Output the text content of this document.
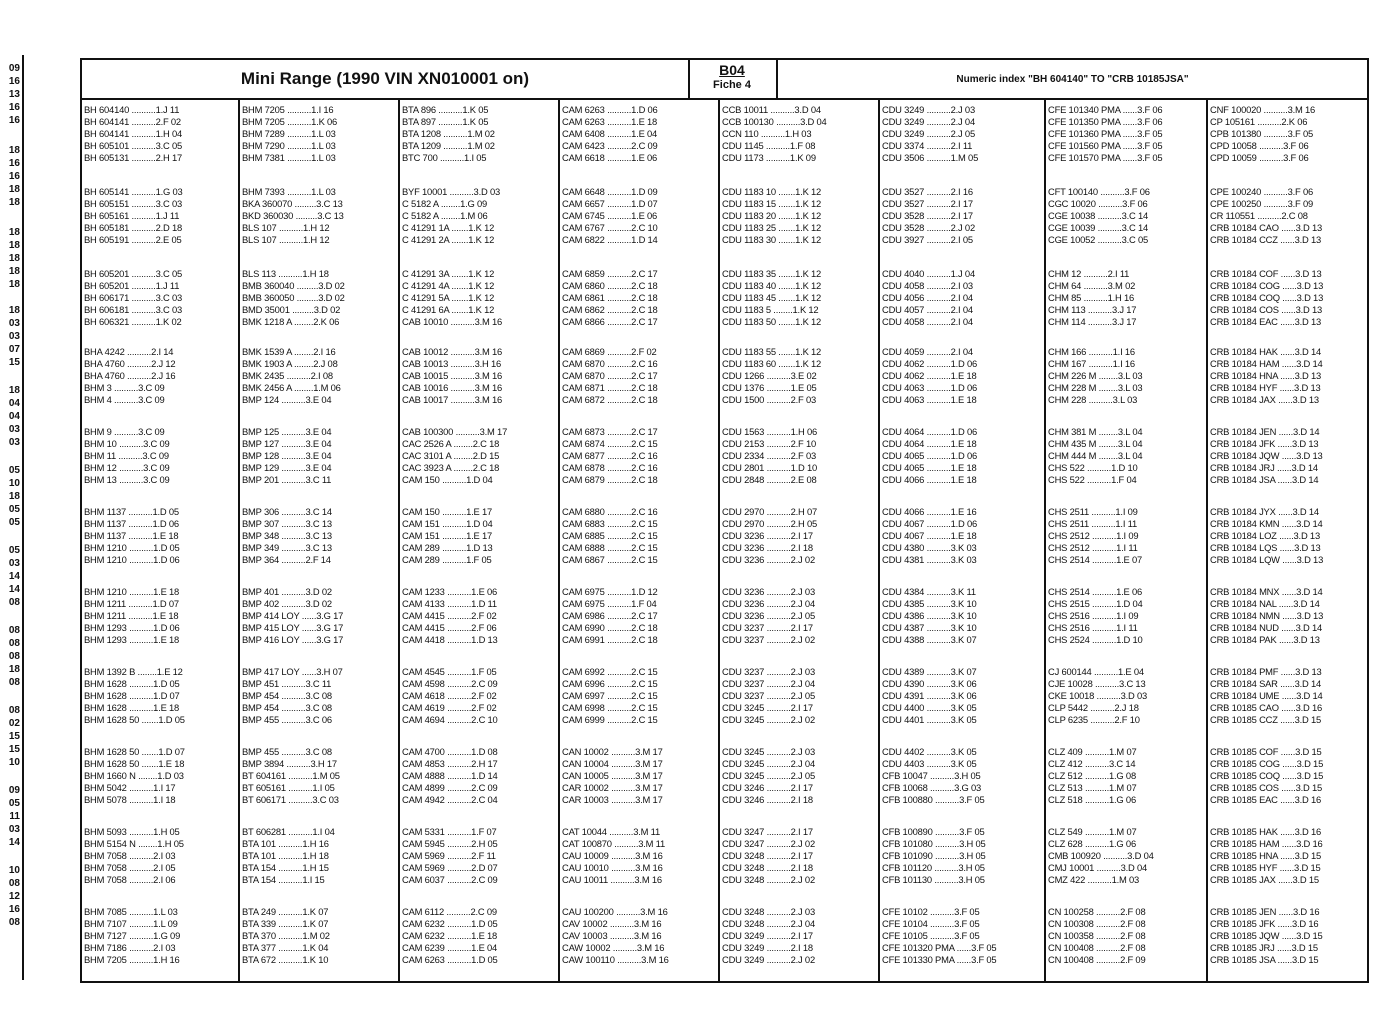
09
16
13
16
16
18
16
16
18
18
18
18
18
18
18
18
03
03
07
15
18
04
04
03
03
05
10
18
05
05
05
03
14
14
08
08
08
08
18
08
08
02
15
15
10
09
05
11
03
14
10
08
12
16
08
Mini Range (1990 VIN XN010001 on)	B04
Fiche 4	Numeric index "BH 604140" TO "CRB 10185JSA"
BH 604140 ..........1.J 11
BH 604141 ..........2.F 02
BH 604141 ..........1.H 04
BH 605101 ..........3.C 05
BH 605131 ..........2.H 17
BH 605141 ..........1.G 03
BH 605151 ..........3.C 03
BH 605161 ..........1.J 11
BH 605181 ..........2.D 18
BH 605191 ..........2.E 05
BH 605201 ..........3.C 05
BH 605201 ..........1.J 11
BH 606171 ..........3.C 03
BH 606181 ..........3.C 03
BH 606321 ..........1.K 02
BHA 4242 ..........2.I 14
BHA 4760 ..........2.J 12
BHA 4760 ..........2.J 16
BHM 3 ..........3.C 09
BHM 4 ..........3.C 09
BHM 9 ..........3.C 09
BHM 10 ..........3.C 09
BHM 11 ..........3.C 09
BHM 12 ..........3.C 09
BHM 13 ..........3.C 09
BHM 1137 ..........1.D 05
BHM 1137 ..........1.D 06
BHM 1137 ..........1.E 18
BHM 1210 ..........1.D 05
BHM 1210 ..........1.D 06
BHM 1210 ..........1.E 18
BHM 1211 ..........1.D 07
BHM 1211 ..........1.E 18
BHM 1293 ..........1.D 06
BHM 1293 ..........1.E 18
BHM 1392 B ........1.E 12
BHM 1628 ..........1.D 05
BHM 1628 ..........1.D 07
BHM 1628 ..........1.E 18
BHM 1628 50 .......1.D 05
BHM 1628 50 .......1.D 07
BHM 1628 50 .......1.E 18
BHM 1660 N ........1.D 03
BHM 5042 ..........1.I 17
BHM 5078 ..........1.I 18
BHM 5093 ..........1.H 05
BHM 5154 N ........1.H 05
BHM 7058 ..........2.I 03
BHM 7058 ..........2.I 05
BHM 7058 ..........2.I 06
BHM 7085 ..........1.L 03
BHM 7107 ..........1.L 09
BHM 7127 ..........1.G 09
BHM 7186 ..........2.I 03
BHM 7205 ..........1.H 16
BHM 7205 ..........1.I 16
BHM 7205 ..........1.K 06
BHM 7289 ..........1.L 03
BHM 7290 ..........1.L 03
BHM 7381 ..........1.L 03
BHM 7393 ..........1.L 03
BKA 360070 .........3.C 13
BKD 360030 .........3.C 13
BLS 107 ..........1.H 12
BLS 107 ..........1.H 12
BLS 113 ..........1.H 18
BMB 360040 .........3.D 02
BMB 360050 .........3.D 02
BMD 35001 .........3.D 02
BMK 1218 A ........2.K 06
BMK 1539 A ........2.I 16
BMK 1903 A ........2.J 08
BMK 2435 ..........2.I 08
BMK 2456 A ........1.M 06
BMP 124 ..........3.E 04
BMP 125 ..........3.E 04
BMP 127 ..........3.E 04
BMP 128 ..........3.E 04
BMP 129 ..........3.E 04
BMP 201 ..........3.C 11
BMP 306 ..........3.C 14
BMP 307 ..........3.C 13
BMP 348 ..........3.C 13
BMP 349 ..........3.C 13
BMP 364 ..........2.F 14
BMP 401 ..........3.D 02
BMP 402 ..........3.D 02
BMP 414 LOY ......3.G 17
BMP 415 LOY ......3.G 17
BMP 416 LOY ......3.G 17
BMP 417 LOY ......3.H 07
BMP 451 ..........3.C 11
BMP 454 ..........3.C 08
BMP 454 ..........3.C 08
BMP 455 ..........3.C 06
BMP 455 ..........3.C 08
BMP 3894 ..........3.H 17
BT 604161 ..........1.M 05
BT 605161 ..........1.I 05
BT 606171 ..........3.C 03
BT 606281 ..........1.I 04
BTA 101 ..........1.H 16
BTA 101 ..........1.H 18
BTA 154 ..........1.H 15
BTA 154 ..........1.I 15
BTA 249 ..........1.K 07
BTA 339 ..........1.K 07
BTA 370 ..........1.M 02
BTA 377 ..........1.K 04
BTA 672 ..........1.K 10
BTA 896 ..........1.K 05
BTA 897 ..........1.K 05
BTA 1208 ..........1.M 02
BTA 1209 ..........1.M 02
BTC 700 ..........1.I 05
BYF 10001 ..........3.D 03
C 5182 A ........1.G 09
C 5182 A ........1.M 06
C 41291 1A .......1.K 12
C 41291 2A .......1.K 12
C 41291 3A .......1.K 12
C 41291 4A .......1.K 12
C 41291 5A .......1.K 12
C 41291 6A .......1.K 12
CAB 10010 ..........3.M 16
CAB 10012 ..........3.M 16
CAB 10013 ..........3.H 16
CAB 10015 ..........3.M 16
CAB 10016 ..........3.M 16
CAB 10017 ..........3.M 16
CAB 100300 ..........3.M 17
CAC 2526 A ........2.C 18
CAC 3101 A ........2.D 15
CAC 3923 A ........2.C 18
CAM 150 ..........1.D 04
CAM 150 ..........1.E 17
CAM 151 ..........1.D 04
CAM 151 ..........1.E 17
CAM 289 ..........1.D 13
CAM 289 ..........1.F 05
CAM 1233 ..........1.E 06
CAM 4133 ..........1.D 11
CAM 4415 ..........2.F 02
CAM 4415 ..........2.F 06
CAM 4418 ..........1.D 13
CAM 4545 ..........1.F 05
CAM 4598 ..........2.C 09
CAM 4618 ..........2.F 02
CAM 4619 ..........2.F 02
CAM 4694 ..........2.C 10
CAM 4700 ..........1.D 08
CAM 4853 ..........2.H 17
CAM 4888 ..........1.D 14
CAM 4899 ..........2.C 09
CAM 4942 ..........2.C 04
CAM 5331 ..........1.F 07
CAM 5945 ..........2.H 05
CAM 5969 ..........2.F 11
CAM 5969 ..........2.D 07
CAM 6037 ..........2.C 09
CAM 6112 ..........2.C 09
CAM 6232 ..........1.D 05
CAM 6232 ..........1.E 18
CAM 6239 ..........1.E 04
CAM 6263 ..........1.D 05
CAM 6263 ..........1.D 06
CAM 6263 ..........1.E 18
CAM 6408 ..........1.E 04
CAM 6423 ..........2.C 09
CAM 6618 ..........1.E 06
CAM 6648 ..........1.D 09
CAM 6657 ..........1.D 07
CAM 6745 ..........1.E 06
CAM 6767 ..........2.C 10
CAM 6822 ..........1.D 14
CAM 6859 ..........2.C 17
CAM 6860 ..........2.C 18
CAM 6861 ..........2.C 18
CAM 6862 ..........2.C 18
CAM 6866 ..........2.C 17
CAM 6869 ..........2.F 02
CAM 6870 ..........2.C 16
CAM 6870 ..........2.C 17
CAM 6871 ..........2.C 18
CAM 6872 ..........2.C 18
CAM 6873 ..........2.C 17
CAM 6874 ..........2.C 15
CAM 6877 ..........2.C 16
CAM 6878 ..........2.C 16
CAM 6879 ..........2.C 18
CAM 6880 ..........2.C 16
CAM 6883 ..........2.C 15
CAM 6885 ..........2.C 15
CAM 6888 ..........2.C 15
CAM 6867 ..........2.C 15
CAM 6975 ..........1.D 12
CAM 6975 ..........1.F 04
CAM 6986 ..........2.C 17
CAM 6990 ..........2.C 18
CAM 6991 ..........2.C 18
CAM 6992 ..........2.C 15
CAM 6996 ..........2.C 15
CAM 6997 ..........2.C 15
CAM 6998 ..........2.C 15
CAM 6999 ..........2.C 15
CAN 10002 ..........3.M 17
CAN 10004 ..........3.M 17
CAN 10005 ..........3.M 17
CAR 10002 ..........3.M 17
CAR 10003 ..........3.M 17
CAT 10044 ..........3.M 11
CAT 100870 ..........3.M 11
CAU 10009 ..........3.M 16
CAU 10010 ..........3.M 16
CAU 10011 ..........3.M 16
CAU 100200 ..........3.M 16
CAV 10002 ..........3.M 16
CAV 10003 ..........3.M 16
CAW 10002 ..........3.M 16
CAW 100110 ..........3.M 16
CCB 10011 ..........3.D 04
CCB 100130 ..........3.D 04
CCN 110 ..........1.H 03
CDU 1145 ..........1.F 08
CDU 1173 ..........1.K 09
CDU 1183 10 .......1.K 12
CDU 1183 15 .......1.K 12
CDU 1183 20 .......1.K 12
CDU 1183 25 .......1.K 12
CDU 1183 30 .......1.K 12
CDU 1183 35 .......1.K 12
CDU 1183 40 .......1.K 12
CDU 1183 45 .......1.K 12
CDU 1183 5 ........1.K 12
CDU 1183 50 .......1.K 12
CDU 1183 55 .......1.K 12
CDU 1183 60 .......1.K 12
CDU 1266 ..........3.E 02
CDU 1376 ..........1.E 05
CDU 1500 ..........2.F 03
CDU 1563 ..........1.H 06
CDU 2153 ..........2.F 10
CDU 2334 ..........2.F 03
CDU 2801 ..........1.D 10
CDU 2848 ..........2.E 08
CDU 2970 ..........2.H 07
CDU 2970 ..........2.H 05
CDU 3236 ..........2.I 17
CDU 3236 ..........2.I 18
CDU 3236 ..........2.J 02
CDU 3236 ..........2.J 03
CDU 3236 ..........2.J 04
CDU 3236 ..........2.J 05
CDU 3237 ..........2.I 17
CDU 3237 ..........2.J 02
CDU 3237 ..........2.J 03
CDU 3237 ..........2.J 04
CDU 3237 ..........2.J 05
CDU 3245 ..........2.I 17
CDU 3245 ..........2.J 02
CDU 3245 ..........2.J 03
CDU 3245 ..........2.J 04
CDU 3245 ..........2.J 05
CDU 3246 ..........2.I 17
CDU 3246 ..........2.I 18
CDU 3247 ..........2.I 17
CDU 3247 ..........2.J 02
CDU 3248 ..........2.I 17
CDU 3248 ..........2.I 18
CDU 3248 ..........2.J 02
CDU 3248 ..........2.J 03
CDU 3248 ..........2.J 04
CDU 3249 ..........2.I 17
CDU 3249 ..........2.I 18
CDU 3249 ..........2.J 02
CDU 3249 ..........2.J 03
CDU 3249 ..........2.J 04
CDU 3249 ..........2.J 05
CDU 3374 ..........2.I 11
CDU 3506 ..........1.M 05
CDU 3527 ..........2.I 16
CDU 3527 ..........2.I 17
CDU 3528 ..........2.I 17
CDU 3528 ..........2.J 02
CDU 3927 ..........2.I 05
CDU 4040 ..........1.J 04
CDU 4058 ..........2.I 03
CDU 4056 ..........2.I 04
CDU 4057 ..........2.I 04
CDU 4058 ..........2.I 04
CDU 4059 ..........2.I 04
CDU 4062 ..........1.D 06
CDU 4062 ..........1.E 18
CDU 4063 ..........1.D 06
CDU 4063 ..........1.E 18
CDU 4064 ..........1.D 06
CDU 4064 ..........1.E 18
CDU 4065 ..........1.D 06
CDU 4065 ..........1.E 18
CDU 4066 ..........1.E 18
CDU 4066 ..........1.E 16
CDU 4067 ..........1.D 06
CDU 4067 ..........1.E 18
CDU 4380 ..........3.K 03
CDU 4381 ..........3.K 03
CDU 4384 ..........3.K 11
CDU 4385 ..........3.K 10
CDU 4386 ..........3.K 10
CDU 4387 ..........3.K 10
CDU 4388 ..........3.K 07
CDU 4389 ..........3.K 07
CDU 4390 ..........3.K 06
CDU 4391 ..........3.K 06
CDU 4400 ..........3.K 05
CDU 4401 ..........3.K 05
CDU 4402 ..........3.K 05
CDU 4403 ..........3.K 05
CFB 10047 ..........3.H 05
CFB 10068 ..........3.G 03
CFB 100880 ..........3.F 05
CFB 100890 ..........3.F 05
CFB 101080 ..........3.H 05
CFB 101090 ..........3.H 05
CFB 101120 ..........3.H 05
CFB 101130 ..........3.H 05
CFE 10102 ..........3.F 05
CFE 10104 ..........3.F 05
CFE 10105 ..........3.F 05
CFE 101320 PMA ......3.F 05
CFE 101330 PMA ......3.F 05
CFE 101340 PMA ......3.F 06
CFE 101350 PMA ......3.F 06
CFE 101360 PMA ......3.F 05
CFE 101560 PMA ......3.F 05
CFE 101570 PMA ......3.F 05
CFT 100140 ..........3.F 06
CGC 10020 ..........3.F 06
CGE 10038 ..........3.C 14
CGE 10039 ..........3.C 14
CGE 10052 ..........3.C 05
CHM 12 ..........2.I 11
CHM 64 ..........3.M 02
CHM 85 ..........1.H 16
CHM 113 ..........3.J 17
CHM 114 ..........3.J 17
CHM 166 ..........1.I 16
CHM 167 ..........1.I 16
CHM 226 M ........3.L 03
CHM 228 M ........3.L 03
CHM 228 ..........3.L 03
CHM 381 M ........3.L 04
CHM 435 M ........3.L 04
CHM 444 M ........3.L 04
CHS 522 ..........1.D 10
CHS 522 ..........1.F 04
CHS 2511 ..........1.I 09
CHS 2511 ..........1.I 11
CHS 2512 ..........1.I 09
CHS 2512 ..........1.I 11
CHS 2514 ..........1.E 07
CHS 2514 ..........1.E 06
CHS 2515 ..........1.D 04
CHS 2516 ..........1.I 09
CHS 2516 ..........1.I 11
CHS 2524 ..........1.D 10
CJ 600144 ..........1.E 04
CJE 10028 ..........3.C 13
CKE 10018 ..........3.D 03
CLP 5442 ..........2.J 18
CLP 6235 ..........2.F 10
CLZ 409 ..........1.M 07
CLZ 412 ..........3.C 14
CLZ 512 ..........1.G 08
CLZ 513 ..........1.M 07
CLZ 518 ..........1.G 06
CLZ 549 ..........1.M 07
CLZ 628 ..........1.G 06
CMB 100920 ..........3.D 04
CMJ 10001 ..........3.D 04
CMZ 422 ..........1.M 03
CN 100258 ..........2.F 08
CN 100308 ..........2.F 08
CN 100358 ..........2.F 08
CN 100408 ..........2.F 08
CN 100408 ..........2.F 09
CNF 100020 ..........3.M 16
CP 105161 ..........2.K 06
CPB 101380 ..........3.F 05
CPD 10058 ..........3.F 06
CPD 10059 ..........3.F 06
CPE 100240 ..........3.F 06
CPE 100250 ..........3.F 09
CR 110551 ..........2.C 08
CRB 10184 CAO ......3.D 13
CRB 10184 CCZ ......3.D 13
CRB 10184 COF ......3.D 13
CRB 10184 COG ......3.D 13
CRB 10184 COQ ......3.D 13
CRB 10184 COS ......3.D 13
CRB 10184 EAC ......3.D 13
CRB 10184 HAK ......3.D 14
CRB 10184 HAM ......3.D 14
CRB 10184 HNA ......3.D 13
CRB 10184 HYF ......3.D 13
CRB 10184 JAX ......3.D 13
CRB 10184 JEN ......3.D 14
CRB 10184 JFK ......3.D 13
CRB 10184 JQW ......3.D 13
CRB 10184 JRJ ......3.D 14
CRB 10184 JSA ......3.D 14
CRB 10184 JYX ......3.D 14
CRB 10184 KMN ......3.D 14
CRB 10184 LOZ ......3.D 13
CRB 10184 LQS ......3.D 13
CRB 10184 LQW ......3.D 13
CRB 10184 MNX ......3.D 14
CRB 10184 NAL ......3.D 14
CRB 10184 NMN ......3.D 13
CRB 10184 NUD ......3.D 14
CRB 10184 PAK ......3.D 13
CRB 10184 PMF ......3.D 13
CRB 10184 SAR ......3.D 14
CRB 10184 UME ......3.D 14
CRB 10185 CAO ......3.D 16
CRB 10185 CCZ ......3.D 15
CRB 10185 COF ......3.D 15
CRB 10185 COG ......3.D 15
CRB 10185 COQ ......3.D 15
CRB 10185 COS ......3.D 15
CRB 10185 EAC ......3.D 16
CRB 10185 HAK ......3.D 16
CRB 10185 HAM ......3.D 16
CRB 10185 HNA ......3.D 15
CRB 10185 HYF ......3.D 15
CRB 10185 JAX ......3.D 15
CRB 10185 JEN ......3.D 16
CRB 10185 JFK ......3.D 16
CRB 10185 JQW ......3.D 15
CRB 10185 JRJ ......3.D 15
CRB 10185 JSA ......3.D 15
